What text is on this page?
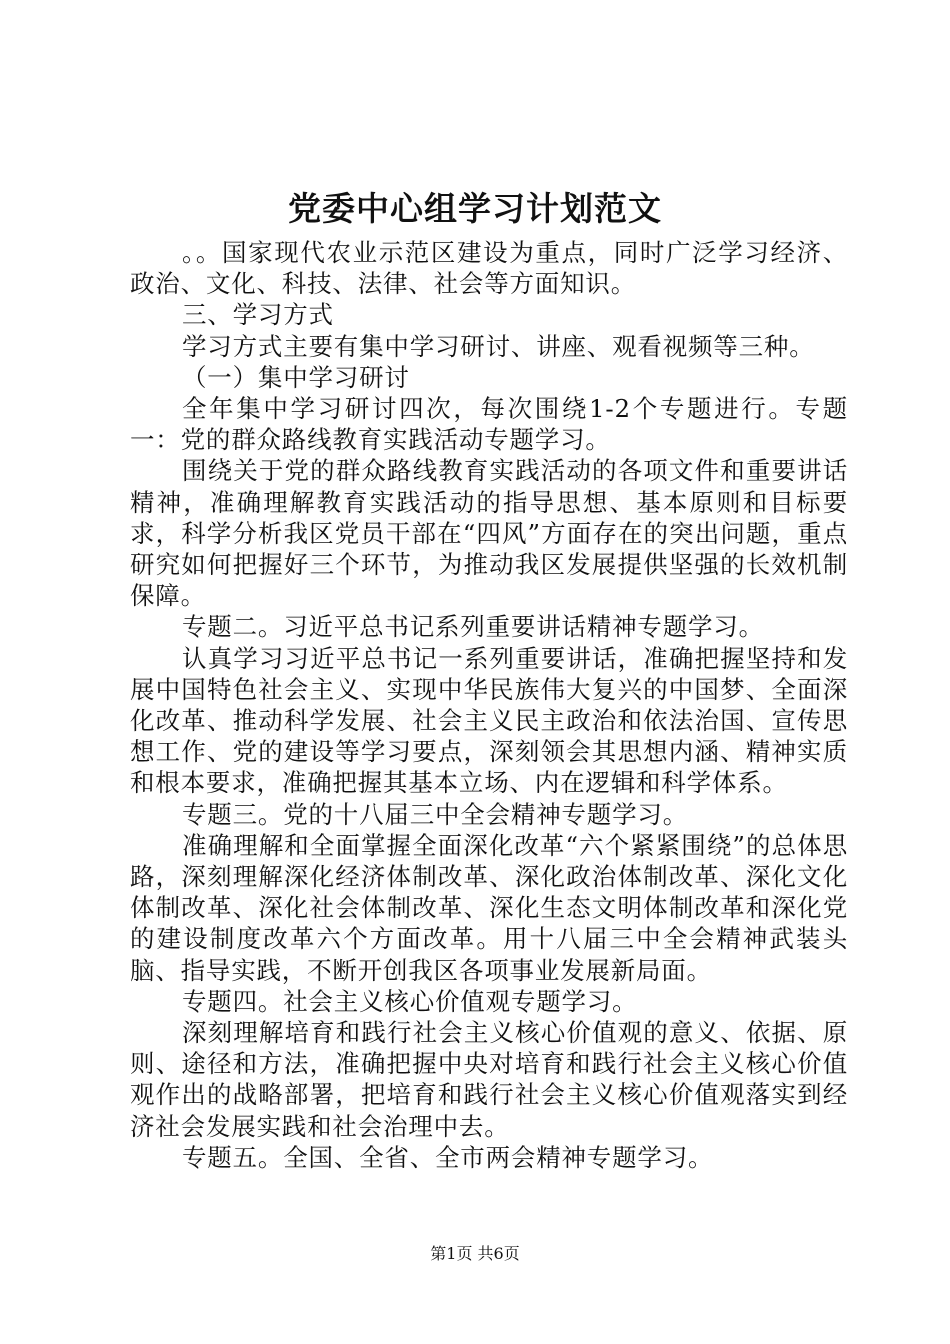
党委中心组学习计划范文

。。国家现代农业示范区建设为重点，同时广泛学习经济、政治、文化、科技、法律、社会等方面知识。

三、学习方式

学习方式主要有集中学习研讨、讲座、观看视频等三种。

（一）集中学习研讨

全年集中学习研讨四次，每次围绕1-2个专题进行。专题一：党的群众路线教育实践活动专题学习。

围绕关于党的群众路线教育实践活动的各项文件和重要讲话精神，准确理解教育实践活动的指导思想、基本原则和目标要求，科学分析我区党员干部在“四风”方面存在的突出问题，重点研究如何把握好三个环节，为推动我区发展提供坚强的长效机制保障。

专题二。习近平总书记系列重要讲话精神专题学习。

认真学习习近平总书记一系列重要讲话，准确把握坚持和发展中国特色社会主义、实现中华民族伟大复兴的中国梦、全面深化改革、推动科学发展、社会主义民主政治和依法治国、宣传思想工作、党的建设等学习要点，深刻领会其思想内涵、精神实质和根本要求，准确把握其基本立场、内在逻辑和科学体系。

专题三。党的十八届三中全会精神专题学习。

准确理解和全面掌握全面深化改革“六个紧紧围绕”的总体思路，深刻理解深化经济体制改革、深化政治体制改革、深化文化体制改革、深化社会体制改革、深化生态文明体制改革和深化党的建设制度改革六个方面改革。用十八届三中全会精神武装头脑、指导实践，不断开创我区各项事业发展新局面。

专题四。社会主义核心价值观专题学习。

深刻理解培育和践行社会主义核心价值观的意义、依据、原则、途径和方法，准确把握中央对培育和践行社会主义核心价值观作出的战略部署，把培育和践行社会主义核心价值观落实到经济社会发展实践和社会治理中去。

专题五。全国、全省、全市两会精神专题学习。

第1页 共6页
